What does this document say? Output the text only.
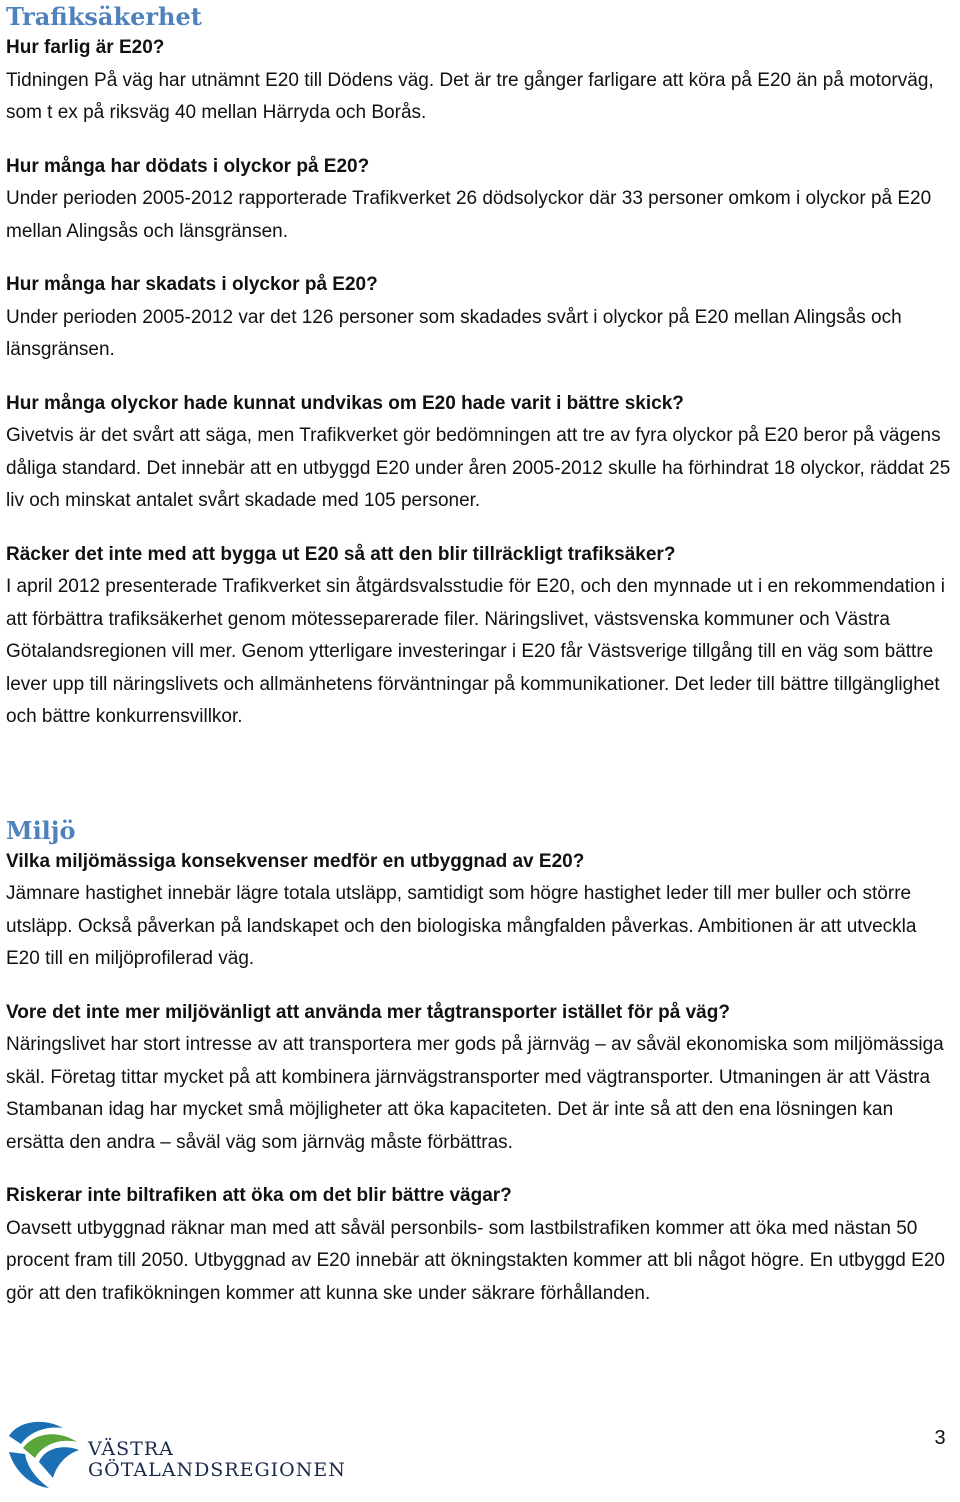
Trafiksäkerhet

Hur farlig är E20?

Tidningen På väg har utnämnt E20 till Dödens väg. Det är tre gånger farligare att köra på E20 än på motorväg, som t ex på riksväg 40 mellan Härryda och Borås.

Hur många har dödats i olyckor på E20?

Under perioden 2005-2012 rapporterade Trafikverket 26 dödsolyckor där 33 personer omkom i olyckor på E20 mellan Alingsås och länsgränsen.

Hur många har skadats i olyckor på E20?

Under perioden 2005-2012 var det 126 personer som skadades svårt i olyckor på E20 mellan Alingsås och länsgränsen.

Hur många olyckor hade kunnat undvikas om E20 hade varit i bättre skick?

Givetvis är det svårt att säga, men Trafikverket gör bedömningen att tre av fyra olyckor på E20 beror på vägens dåliga standard. Det innebär att en utbyggd E20 under åren 2005-2012 skulle ha förhindrat 18 olyckor, räddat 25 liv och minskat antalet svårt skadade med 105 personer.

Räcker det inte med att bygga ut E20 så att den blir tillräckligt trafiksäker?

I april 2012 presenterade Trafikverket sin åtgärdsvalsstudie för E20, och den mynnade ut i en rekommendation i att förbättra trafiksäkerhet genom mötesseparerade filer. Näringslivet, västsvenska kommuner och Västra Götalandsregionen vill mer. Genom ytterligare investeringar i E20 får Västsverige tillgång till en väg som bättre lever upp till näringslivets och allmänhetens förväntningar på kommunikationer. Det leder till bättre tillgänglighet och bättre konkurrensvillkor.

Miljö

Vilka miljömässiga konsekvenser medför en utbyggnad av E20?

Jämnare hastighet innebär lägre totala utsläpp, samtidigt som högre hastighet leder till mer buller och större utsläpp. Också påverkan på landskapet och den biologiska mångfalden påverkas. Ambitionen är att utveckla E20 till en miljöprofilerad väg.

Vore det inte mer miljövänligt att använda mer tågtransporter istället för på väg?

Näringslivet har stort intresse av att transportera mer gods på järnväg – av såväl ekonomiska som miljömässiga skäl. Företag tittar mycket på att kombinera järnvägstransporter med vägtransporter. Utmaningen är att Västra Stambanan idag har mycket små möjligheter att öka kapaciteten. Det är inte så att den ena lösningen kan ersätta den andra – såväl väg som järnväg måste förbättras.

Riskerar inte biltrafiken att öka om det blir bättre vägar?

Oavsett utbyggnad räknar man med att såväl personbils- som lastbilstrafiken kommer att öka med nästan 50 procent fram till 2050. Utbyggnad av E20 innebär att ökningstakten kommer att bli något högre. En utbyggd E20 gör att den trafikökningen kommer att kunna ske under säkrare förhållanden.

VÄSTRA
GÖTALANDSREGIONEN
3
